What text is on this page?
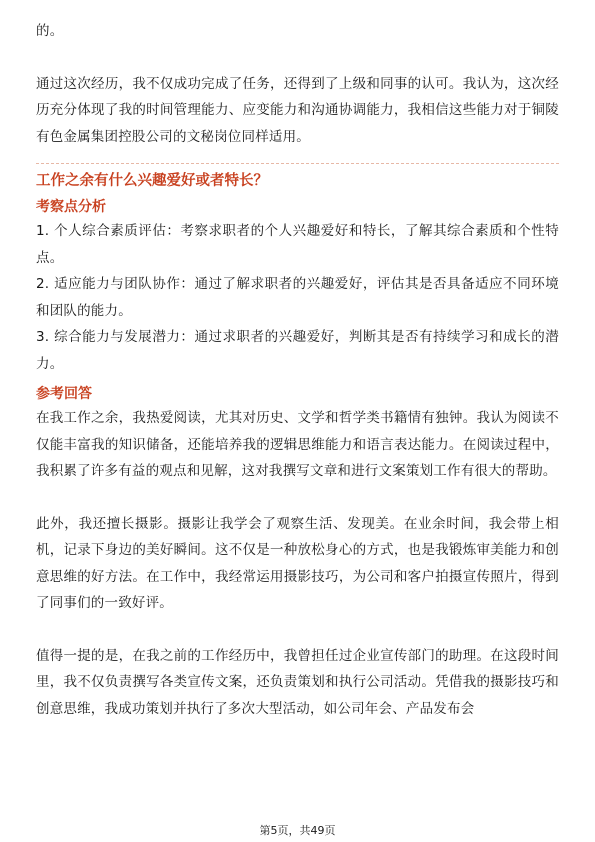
的。

通过这次经历，我不仅成功完成了任务，还得到了上级和同事的认可。我认为，这次经历充分体现了我的时间管理能力、应变能力和沟通协调能力，我相信这些能力对于铜陵有色金属集团控股公司的文秘岗位同样适用。

工作之余有什么兴趣爱好或者特长？

考察点分析

1. 个人综合素质评估：考察求职者的个人兴趣爱好和特长，了解其综合素质和个性特点。

2. 适应能力与团队协作：通过了解求职者的兴趣爱好，评估其是否具备适应不同环境和团队的能力。

3. 综合能力与发展潜力：通过求职者的兴趣爱好，判断其是否有持续学习和成长的潜力。

参考回答

在我工作之余，我热爱阅读，尤其对历史、文学和哲学类书籍情有独钟。我认为阅读不仅能丰富我的知识储备，还能培养我的逻辑思维能力和语言表达能力。在阅读过程中，我积累了许多有益的观点和见解，这对我撰写文章和进行文案策划工作有很大的帮助。

此外，我还擅长摄影。摄影让我学会了观察生活、发现美。在业余时间，我会带上相机，记录下身边的美好瞬间。这不仅是一种放松身心的方式，也是我锻炼审美能力和创意思维的好方法。在工作中，我经常运用摄影技巧，为公司和客户拍摄宣传照片，得到了同事们的一致好评。

值得一提的是，在我之前的工作经历中，我曾担任过企业宣传部门的助理。在这段时间里，我不仅负责撰写各类宣传文案，还负责策划和执行公司活动。凭借我的摄影技巧和创意思维，我成功策划并执行了多次大型活动，如公司年会、产品发布会

第5页，共49页
